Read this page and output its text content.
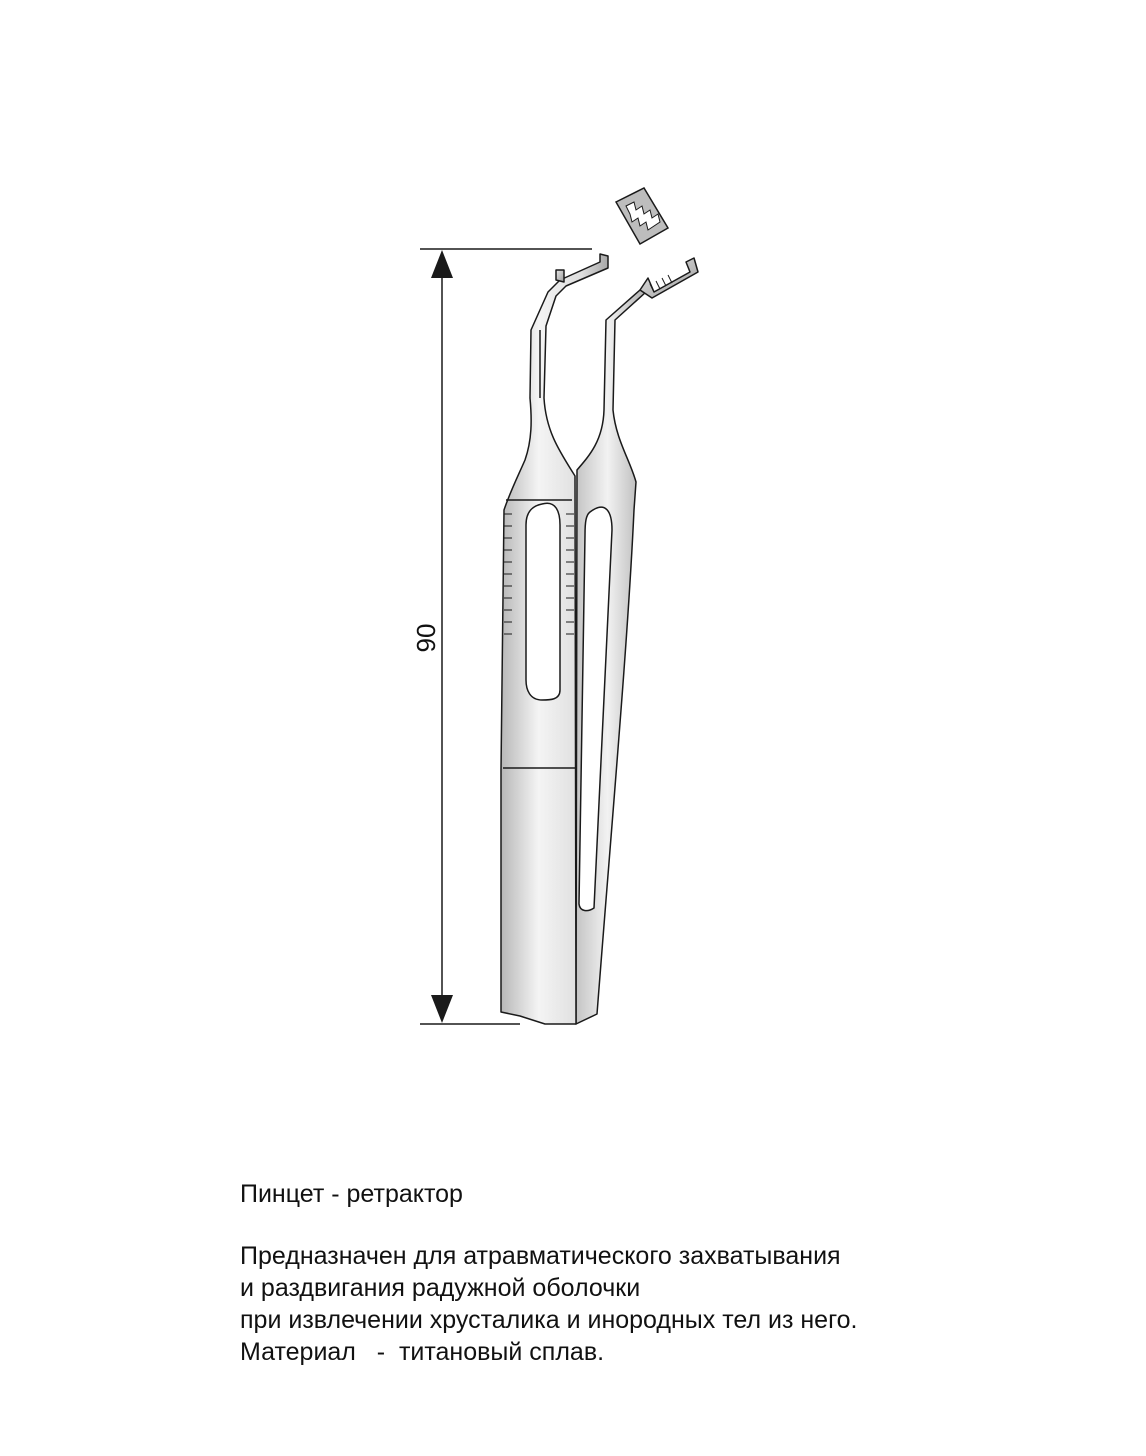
90

Пинцет - ретрактор

Предназначен для атравматического захватывания

и раздвигания радужной оболочки

при извлечении хрусталика и инородных тел из него.

Материал   -  титановый сплав.
